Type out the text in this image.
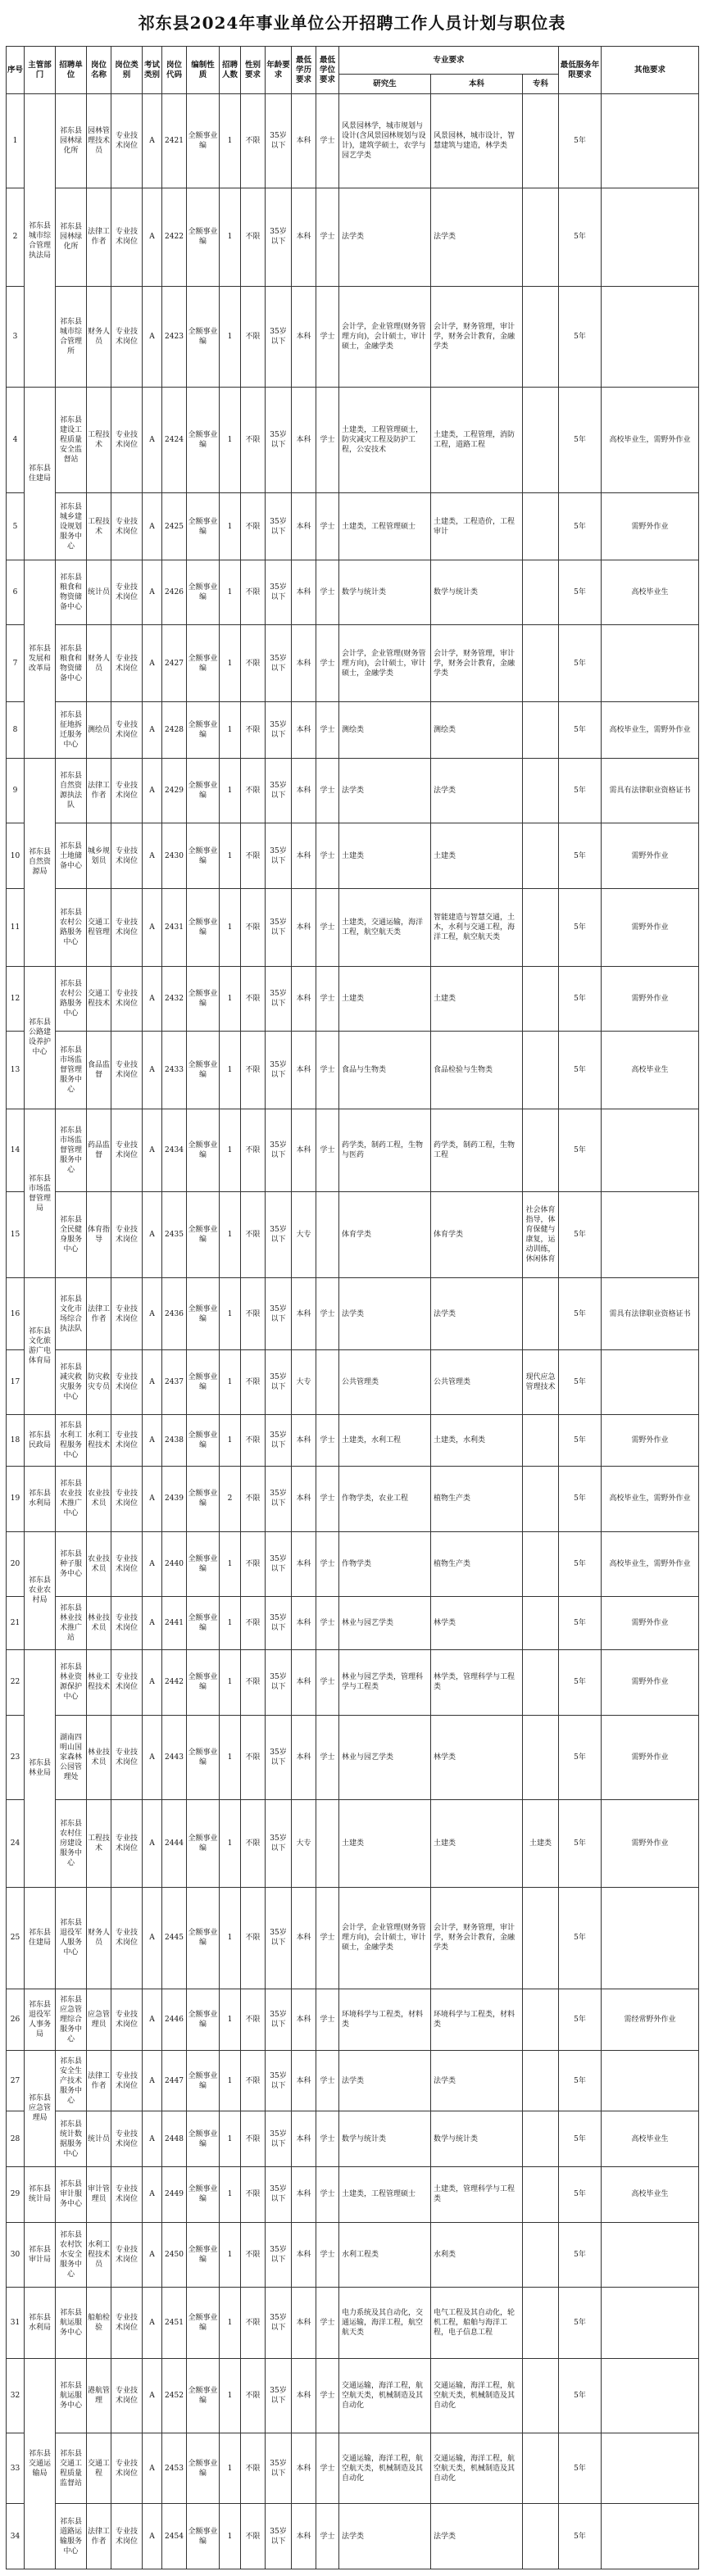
祁东县2024年事业单位公开招聘工作人员计划与职位表
序号	主管部门	招聘单位	岗位名称	岗位类别	考试类别	岗位代码	编制性质	招聘人数	性别要求	年龄要求	最低学历要求	最低学位要求	专业要求			最低服务年限要求	其他要求
													研究生	本科	专科		
1	祁东县城市综合管理执法局	祁东县园林绿化所	园林管理技术员	专业技术岗位	A	2421	全额事业编	1	不限	35岁以下	本科	学士	风景园林学，城市规划与设计(含风景园林规划与设计)，建筑学硕士，农学与园艺学类	风景园林，城市设计，智慧建筑与建造，林学类		5年	
2		祁东县园林绿化所	法律工作者	专业技术岗位	A	2422	全额事业编	1	不限	35岁以下	本科	学士	法学类	法学类		5年	
3		祁东县城市综合管理所	财务人员	专业技术岗位	A	2423	全额事业编	1	不限	35岁以下	本科	学士	会计学，企业管理(财务管理方向)，会计硕士，审计硕士，金融学类	会计学，财务管理，审计学，财务会计教育，金融学类		5年	
4	祁东县住建局	祁东县建设工程质量安全监督站	工程技术	专业技术岗位	A	2424	全额事业编	1	不限	35岁以下	本科	学士	土建类，工程管理硕士，防灾减灾工程及防护工程，公安技术	土建类，工程管理，消防工程，道路工程		5年	高校毕业生，需野外作业
5		祁东县城乡建设规划服务中心	工程技术	专业技术岗位	A	2425	全额事业编	1	不限	35岁以下	本科	学士	土建类，工程管理硕士	土建类，工程造价，工程审计		5年	需野外作业
6	祁东县发展和改革局	祁东县粮食和物资储备中心	统计员	专业技术岗位	A	2426	全额事业编	1	不限	35岁以下	本科	学士	数学与统计类	数学与统计类		5年	高校毕业生
7		祁东县粮食和物资储备中心	财务人员	专业技术岗位	A	2427	全额事业编	1	不限	35岁以下	本科	学士	会计学，企业管理(财务管理方向)，会计硕士，审计硕士，金融学类	会计学，财务管理，审计学，财务会计教育，金融学类		5年	
8		祁东县征地拆迁服务中心	测绘员	专业技术岗位	A	2428	全额事业编	1	不限	35岁以下	本科	学士	测绘类	测绘类		5年	高校毕业生，需野外作业
9	祁东县自然资源局	祁东县自然资源执法队	法律工作者	专业技术岗位	A	2429	全额事业编	1	不限	35岁以下	本科	学士	法学类	法学类		5年	需具有法律职业资格证书
10		祁东县土地储备中心	城乡规划员	专业技术岗位	A	2430	全额事业编	1	不限	35岁以下	本科	学士	土建类	土建类		5年	需野外作业
11		祁东县农村公路服务中心	交通工程管理	专业技术岗位	A	2431	全额事业编	1	不限	35岁以下	本科	学士	土建类，交通运输，海洋工程，航空航天类	智能建造与智慧交通，土木，水利与交通工程，海洋工程，航空航天类		5年	需野外作业
12	祁东县公路建设养护中心	祁东县农村公路服务中心	交通工程技术	专业技术岗位	A	2432	全额事业编	1	不限	35岁以下	本科	学士	土建类	土建类		5年	需野外作业
13		祁东县市场监督管理服务中心	食品监督	专业技术岗位	A	2433	全额事业编	1	不限	35岁以下	本科	学士	食品与生物类	食品检验与生物类		5年	高校毕业生
14	祁东县市场监督管理局	祁东县市场监督管理服务中心	药品监督	专业技术岗位	A	2434	全额事业编	1	不限	35岁以下	本科	学士	药学类，制药工程，生物与医药	药学类，制药工程，生物工程		5年	
15		祁东县全民健身服务中心	体育指导	专业技术岗位	A	2435	全额事业编	1	不限	35岁以下	大专		体育学类	体育学类	社会体育指导，体育保健与康复，运动训练，休闲体育	5年	
16	祁东县文化旅游广电体育局	祁东县文化市场综合执法队	法律工作者	专业技术岗位	A	2436	全额事业编	1	不限	35岁以下	本科	学士	法学类	法学类		5年	需具有法律职业资格证书
17		祁东县减灾救灾服务中心	防灾救灾专员	专业技术岗位	A	2437	全额事业编	1	不限	35岁以下	大专		公共管理类	公共管理类	现代应急管理技术	5年	
18	祁东县民政局	祁东县水利工程服务中心	水利工程技术	专业技术岗位	A	2438	全额事业编	1	不限	35岁以下	本科	学士	土建类，水利工程	土建类，水利类		5年	需野外作业
19	祁东县水利局	祁东县农业技术推广中心	农业技术员	专业技术岗位	A	2439	全额事业编	2	不限	35岁以下	本科	学士	作物学类，农业工程	植物生产类		5年	高校毕业生，需野外作业
20	祁东县农业农村局	祁东县种子服务中心	农业技术员	专业技术岗位	A	2440	全额事业编	1	不限	35岁以下	本科	学士	作物学类	植物生产类		5年	高校毕业生，需野外作业
21		祁东县林业技术推广站	林业技术员	专业技术岗位	A	2441	全额事业编	1	不限	35岁以下	本科	学士	林业与园艺学类	林学类		5年	需野外作业
22	祁东县林业局	祁东县林业资源保护中心	林业工程技术	专业技术岗位	A	2442	全额事业编	1	不限	35岁以下	本科	学士	林业与园艺学类，管理科学与工程类	林学类，管理科学与工程类		5年	需野外作业
23		湖南四明山国家森林公园管理处	林业技术员	专业技术岗位	A	2443	全额事业编	1	不限	35岁以下	本科	学士	林业与园艺学类	林学类		5年	需野外作业
24		祁东县农村住房建设服务中心	工程技术	专业技术岗位	A	2444	全额事业编	1	不限	35岁以下	大专		土建类	土建类	土建类	5年	需野外作业
25	祁东县住建局	祁东县退役军人服务中心	财务人员	专业技术岗位	A	2445	全额事业编	1	不限	35岁以下	本科	学士	会计学，企业管理(财务管理方向)，会计硕士，审计硕士，金融学类	会计学，财务管理，审计学，财务会计教育，金融学类		5年	
26	祁东县退役军人事务局	祁东县应急管理综合服务中心	应急管理员	专业技术岗位	A	2446	全额事业编	1	不限	35岁以下	本科	学士	环境科学与工程类，材料类	环境科学与工程类，材料类		5年	需经常野外作业
27	祁东县应急管理局	祁东县安全生产技术服务中心	法律工作者	专业技术岗位	A	2447	全额事业编	1	不限	35岁以下	本科	学士	法学类	法学类		5年	
28		祁东县统计数据服务中心	统计员	专业技术岗位	A	2448	全额事业编	1	不限	35岁以下	本科	学士	数学与统计类	数学与统计类		5年	高校毕业生
29	祁东县统计局	祁东县审计服务中心	审计管理员	专业技术岗位	A	2449	全额事业编	1	不限	35岁以下	本科	学士	土建类，工程管理硕士	土建类，管理科学与工程类		5年	高校毕业生
30	祁东县审计局	祁东县农村饮水安全服务中心	水利工程技术员	专业技术岗位	A	2450	全额事业编	1	不限	35岁以下	本科	学士	水利工程类	水利类		5年	
31	祁东县水利局	祁东县航运服务中心	船舶检验	专业技术岗位	A	2451	全额事业编	1	不限	35岁以下	本科	学士	电力系统及其自动化，交通运输，海洋工程，航空航天类	电气工程及其自动化，轮机工程，船舶与海洋工程，电子信息工程		5年	
32	祁东县交通运输局	祁东县航运服务中心	港航管理	专业技术岗位	A	2452	全额事业编	1	不限	35岁以下	本科	学士	交通运输，海洋工程，航空航天类，机械制造及其自动化	交通运输，海洋工程，航空航天类，机械制造及其自动化		5年	
33		祁东县交通工程质量监督站	交通工程	专业技术岗位	A	2453	全额事业编	1	不限	35岁以下	本科	学士	交通运输，海洋工程，航空航天类，机械制造及其自动化	交通运输，海洋工程，航空航天类，机械制造及其自动化		5年	
34		祁东县道路运输服务中心	法律工作者	专业技术岗位	A	2454	全额事业编	1	不限	35岁以下	本科	学士	法学类	法学类		5年	
